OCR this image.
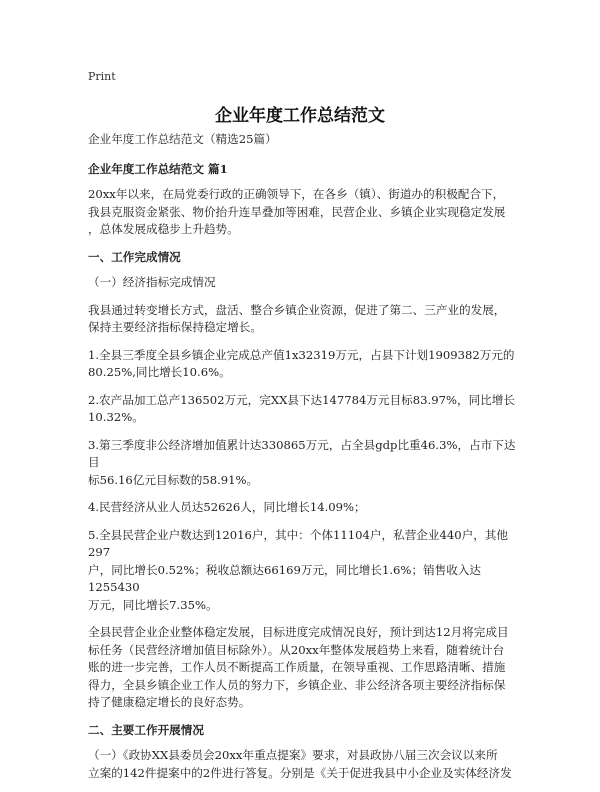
Print
企业年度工作总结范文

企业年度工作总结范文（精选25篇）

企业年度工作总结范文 篇1

20xx年以来，在局党委行政的正确领导下，在各乡（镇）、街道办的积极配合下，
我县克服资金紧张、物价抬升连旱叠加等困难，民营企业、乡镇企业实现稳定发展
，总体发展成稳步上升趋势。

一、工作完成情况

（一）经济指标完成情况

我县通过转变增长方式，盘活、整合乡镇企业资源，促进了第二、三产业的发展，
保持主要经济指标保持稳定增长。

1.全县三季度全县乡镇企业完成总产值1x32319万元，占县下计划1909382万元的
80.25%,同比增长10.6%。

2.农产品加工总产136502万元，完XX县下达147784万元目标83.97%，同比增长
10.32%。

3.第三季度非公经济增加值累计达330865万元，占全县gdp比重46.3%，占市下达目
标56.16亿元目标数的58.91%。

4.民营经济从业人员达52626人，同比增长14.09%；

5.全县民营企业户数达到12016户，其中：个体11104户，私营企业440户，其他297
户，同比增长0.52%；税收总额达66169万元，同比增长1.6%；销售收入达1255430
万元，同比增长7.35%。

全县民营企业企业整体稳定发展，目标进度完成情况良好，预计到达12月将完成目
标任务（民营经济增加值目标除外）。从20xx年整体发展趋势上来看，随着统计台
账的进一步完善，工作人员不断提高工作质量，在领导重视、工作思路清晰、措施
得力，全县乡镇企业工作人员的努力下，乡镇企业、非公经济各项主要经济指标保
持了健康稳定增长的良好态势。

二、主要工作开展情况

（一）《政协XX县委员会20xx年重点提案》要求，对县政协八届三次会议以来所
立案的142件提案中的2件进行答复。分别是《关于促进我县中小企业及实体经济发
